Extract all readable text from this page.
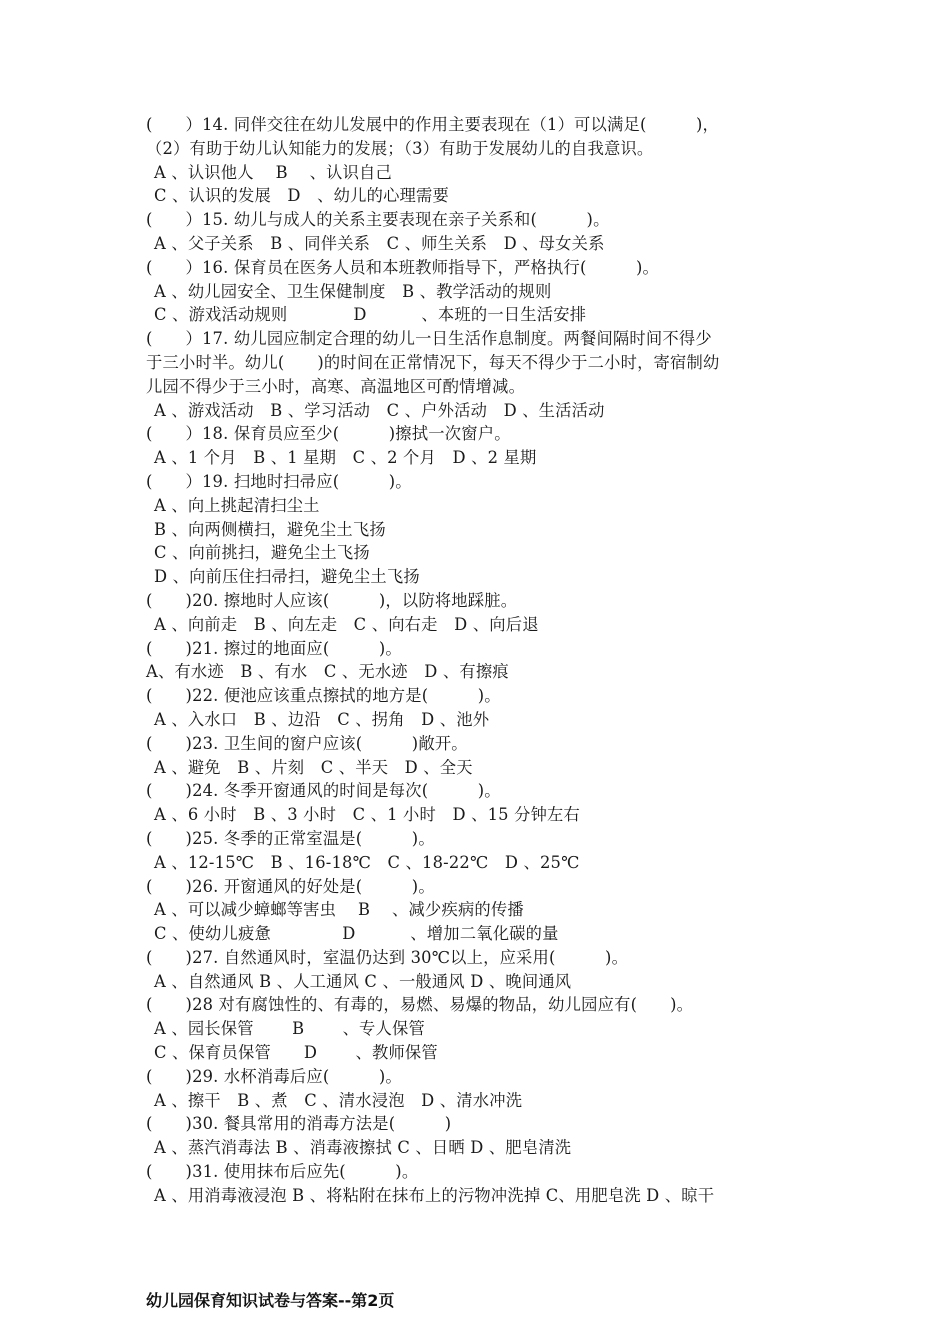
(　　）14. 同伴交往在幼儿发展中的作用主要表现在（1）可以满足(　　　)，
（2）有助于幼儿认知能力的发展；（3）有助于发展幼儿的自我意识。
A 、认识他人　 B　 、认识自己
C 、认识的发展　D　、幼儿的心理需要
(　　）15. 幼儿与成人的关系主要表现在亲子关系和(　　　)。
A 、父子关系　B 、同伴关系　C 、师生关系　D 、母女关系
(　　）16. 保育员在医务人员和本班教师指导下，严格执行(　　　)。
A 、幼儿园安全、卫生保健制度　B 、教学活动的规则
C 、游戏活动规则　　　　D　　　 、本班的一日生活安排
(　　）17. 幼儿园应制定合理的幼儿一日生活作息制度。两餐间隔时间不得少
于三小时半。幼儿(　　)的时间在正常情况下，每天不得少于二小时，寄宿制幼
儿园不得少于三小时，高寒、高温地区可酌情增减。
A 、游戏活动　B 、学习活动　C 、户外活动　D 、生活活动
(　　）18. 保育员应至少(　　　)擦拭一次窗户。
A 、1 个月　B 、1 星期　C 、2 个月　D 、2 星期
(　　）19. 扫地时扫帚应(　　　)。
A 、向上挑起清扫尘土
B 、向两侧横扫，避免尘土飞扬
C 、向前挑扫，避免尘土飞扬
D 、向前压住扫帚扫，避免尘土飞扬
(　　)20. 擦地时人应该(　　　)，以防将地踩脏。
A 、向前走　B 、向左走　C 、向右走　D 、向后退
(　　)21. 擦过的地面应(　　　)。
A、有水迹　B 、有水　C 、无水迹　D 、有擦痕
(　　)22. 便池应该重点擦拭的地方是(　　　)。
A 、入水口　B 、边沿　C 、拐角　D 、池外
(　　)23. 卫生间的窗户应该(　　　)敞开。
A 、避免　B 、片刻　C 、半天　D 、全天
(　　)24. 冬季开窗通风的时间是每次(　　　)。
A 、6 小时　B 、3 小时　C 、1 小时　D 、15 分钟左右
(　　)25. 冬季的正常室温是(　　　)。
A 、12-15℃　B 、16-18℃　C 、18-22℃　D 、25℃
(　　)26. 开窗通风的好处是(　　　)。
A 、可以减少蟑螂等害虫　 B　 、减少疾病的传播
C 、使幼儿疲惫　　　　 D　　　 、增加二氧化碳的量
(　　)27. 自然通风时，室温仍达到 30℃以上，应采用(　　　)。
A 、自然通风 B 、人工通风 C 、一般通风 D 、晚间通风
(　　)28 对有腐蚀性的、有毒的，易燃、易爆的物品，幼儿园应有(　　)。
A 、园长保管　　 B　　 、专人保管
C 、保育员保管　　D　　 、教师保管
(　　)29. 水杯消毒后应(　　　)。
A 、擦干　B 、煮　C 、清水浸泡　D 、清水冲洗
(　　)30. 餐具常用的消毒方法是(　　　)
A 、蒸汽消毒法 B 、消毒液擦拭 C 、日晒 D 、肥皂清洗
(　　)31. 使用抹布后应先(　　　)。
A 、用消毒液浸泡 B 、将粘附在抹布上的污物冲洗掉 C、用肥皂洗 D 、晾干
幼儿园保育知识试卷与答案--第2页
